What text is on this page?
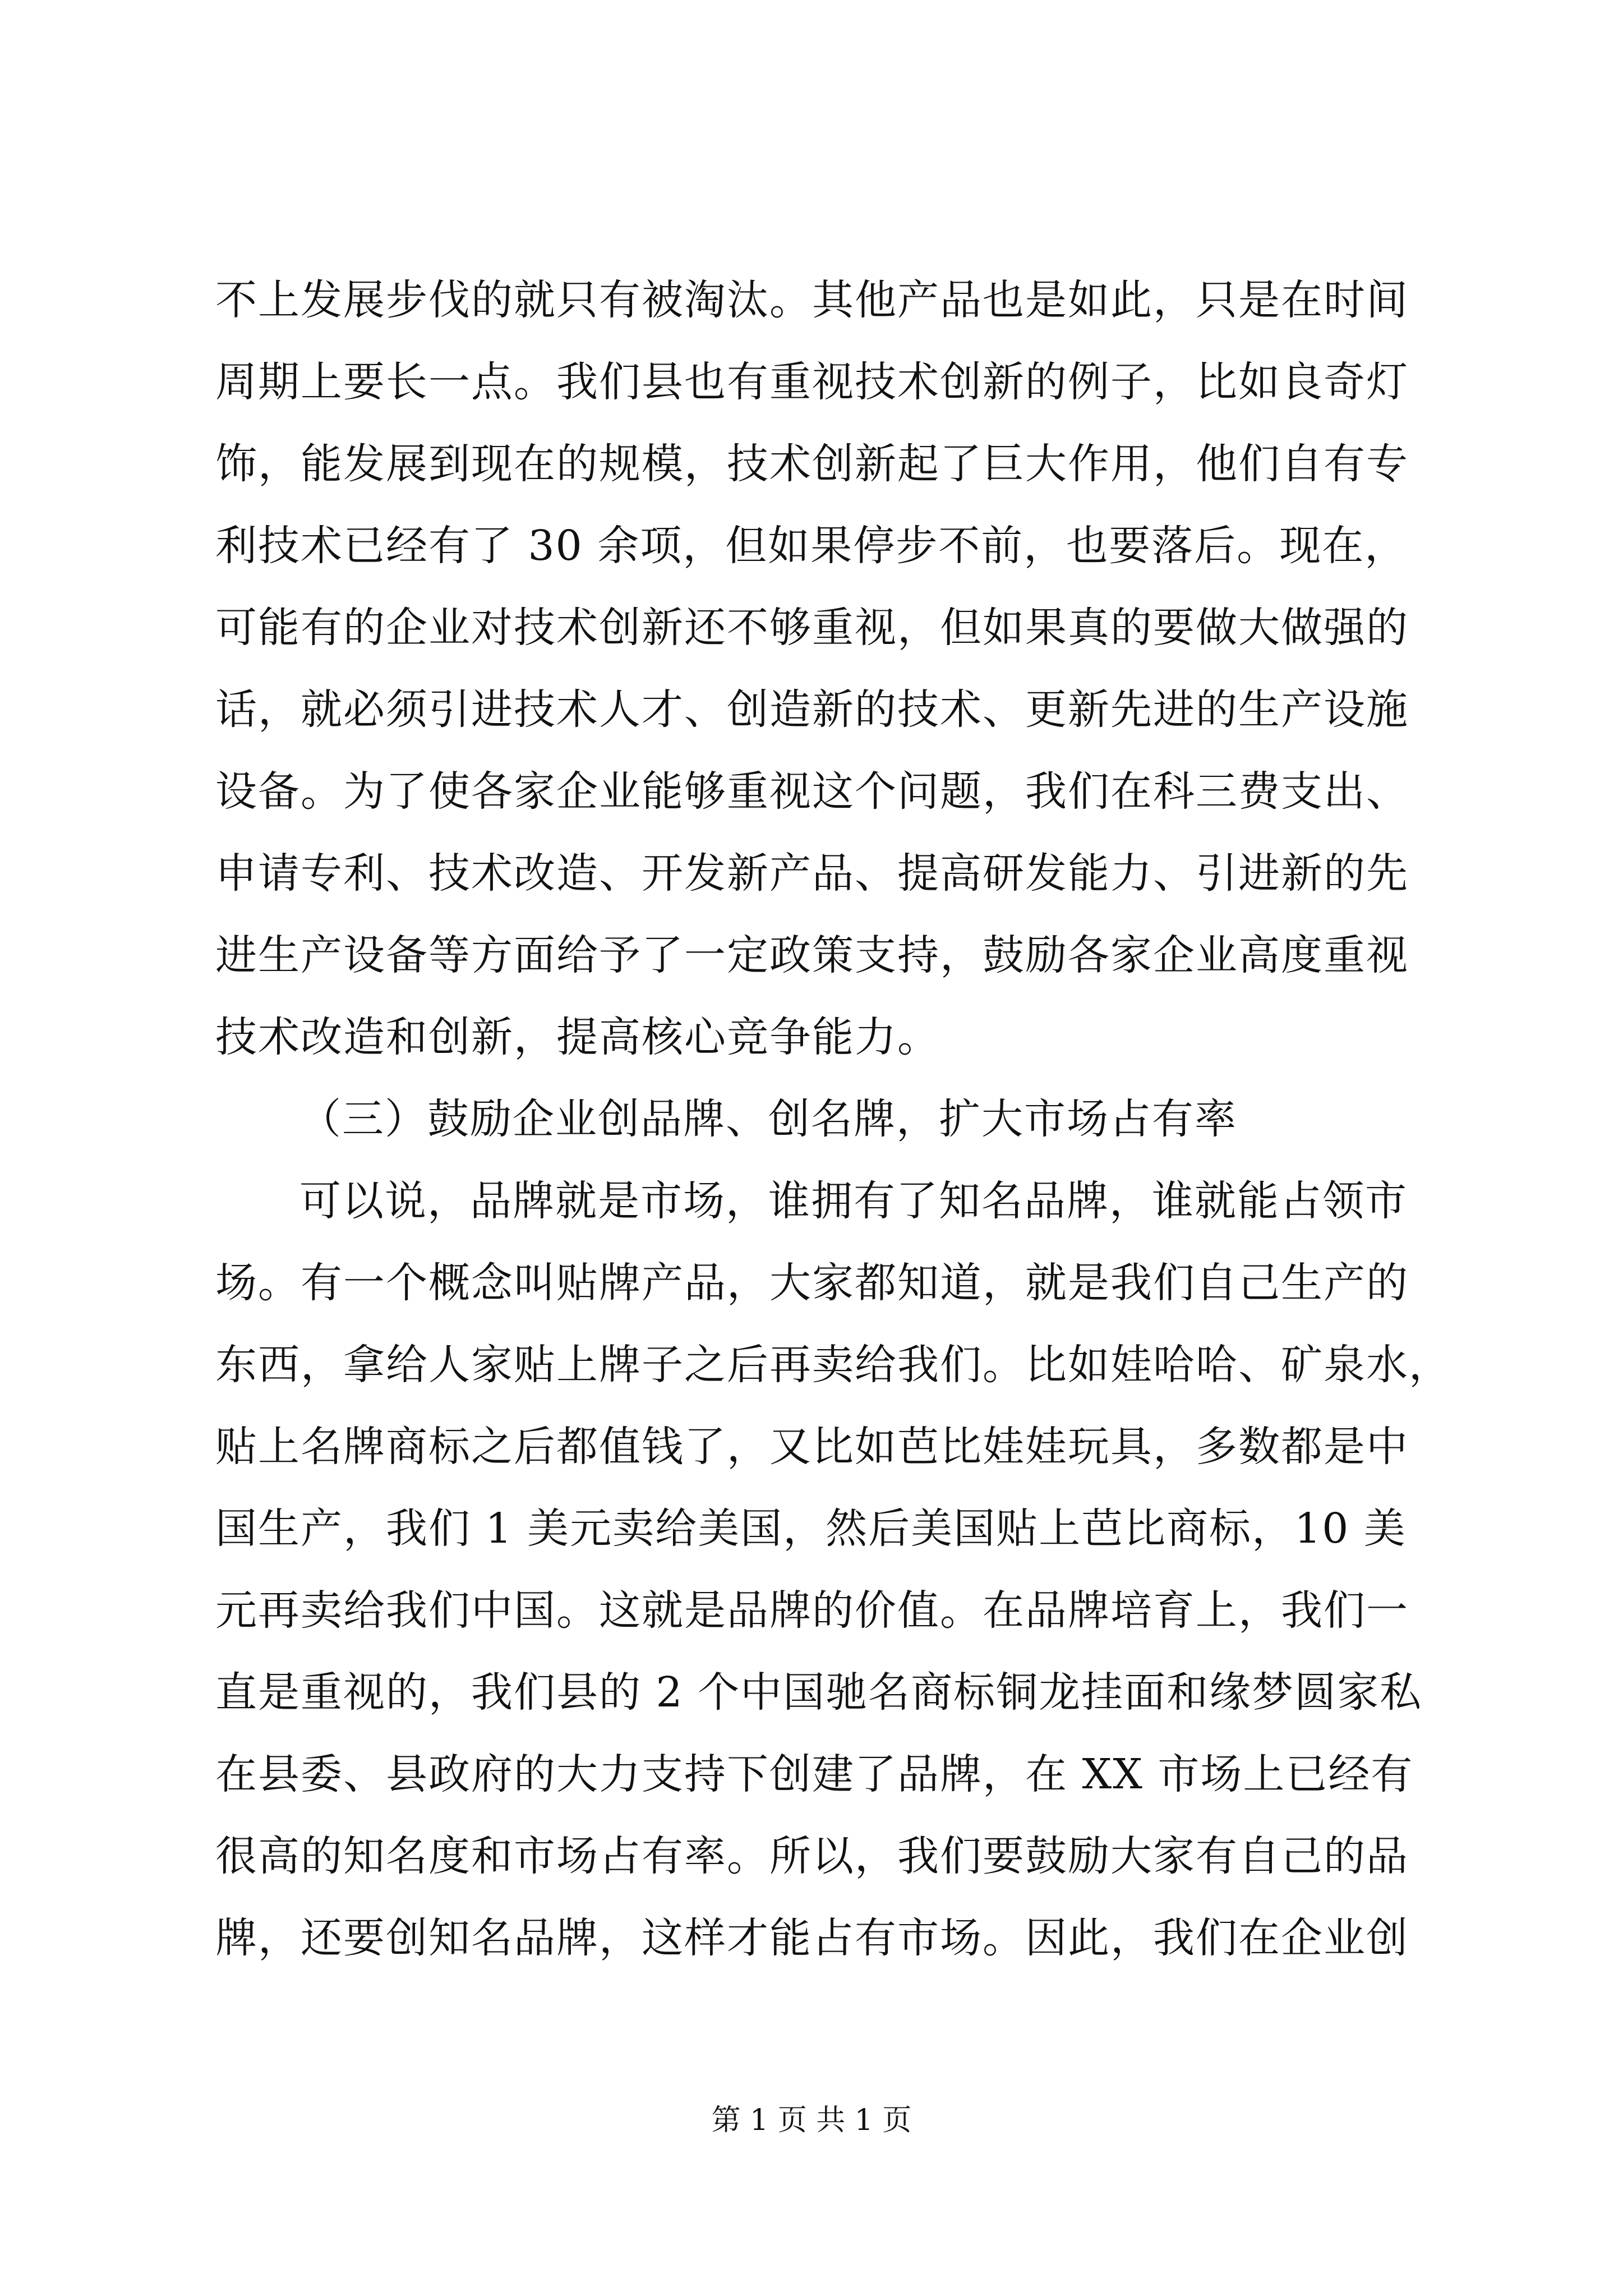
不上发展步伐的就只有被淘汰。其他产品也是如此，只是在时间
周期上要长一点。我们县也有重视技术创新的例子，比如良奇灯
饰，能发展到现在的规模，技术创新起了巨大作用，他们自有专
利技术已经有了 30 余项，但如果停步不前，也要落后。现在，
可能有的企业对技术创新还不够重视，但如果真的要做大做强的
话，就必须引进技术人才、创造新的技术、更新先进的生产设施
设备。为了使各家企业能够重视这个问题，我们在科三费支出、
申请专利、技术改造、开发新产品、提高研发能力、引进新的先
进生产设备等方面给予了一定政策支持，鼓励各家企业高度重视
技术改造和创新，提高核心竞争能力。
（三）鼓励企业创品牌、创名牌，扩大市场占有率
可以说，品牌就是市场，谁拥有了知名品牌，谁就能占领市
场。有一个概念叫贴牌产品，大家都知道，就是我们自己生产的
东西，拿给人家贴上牌子之后再卖给我们。比如娃哈哈、矿泉水，
贴上名牌商标之后都值钱了，又比如芭比娃娃玩具，多数都是中
国生产，我们 1 美元卖给美国，然后美国贴上芭比商标，10 美
元再卖给我们中国。这就是品牌的价值。在品牌培育上，我们一
直是重视的，我们县的 2 个中国驰名商标铜龙挂面和缘梦圆家私
在县委、县政府的大力支持下创建了品牌，在 XX 市场上已经有
很高的知名度和市场占有率。所以，我们要鼓励大家有自己的品
牌，还要创知名品牌，这样才能占有市场。因此，我们在企业创
第 1 页 共 1 页
